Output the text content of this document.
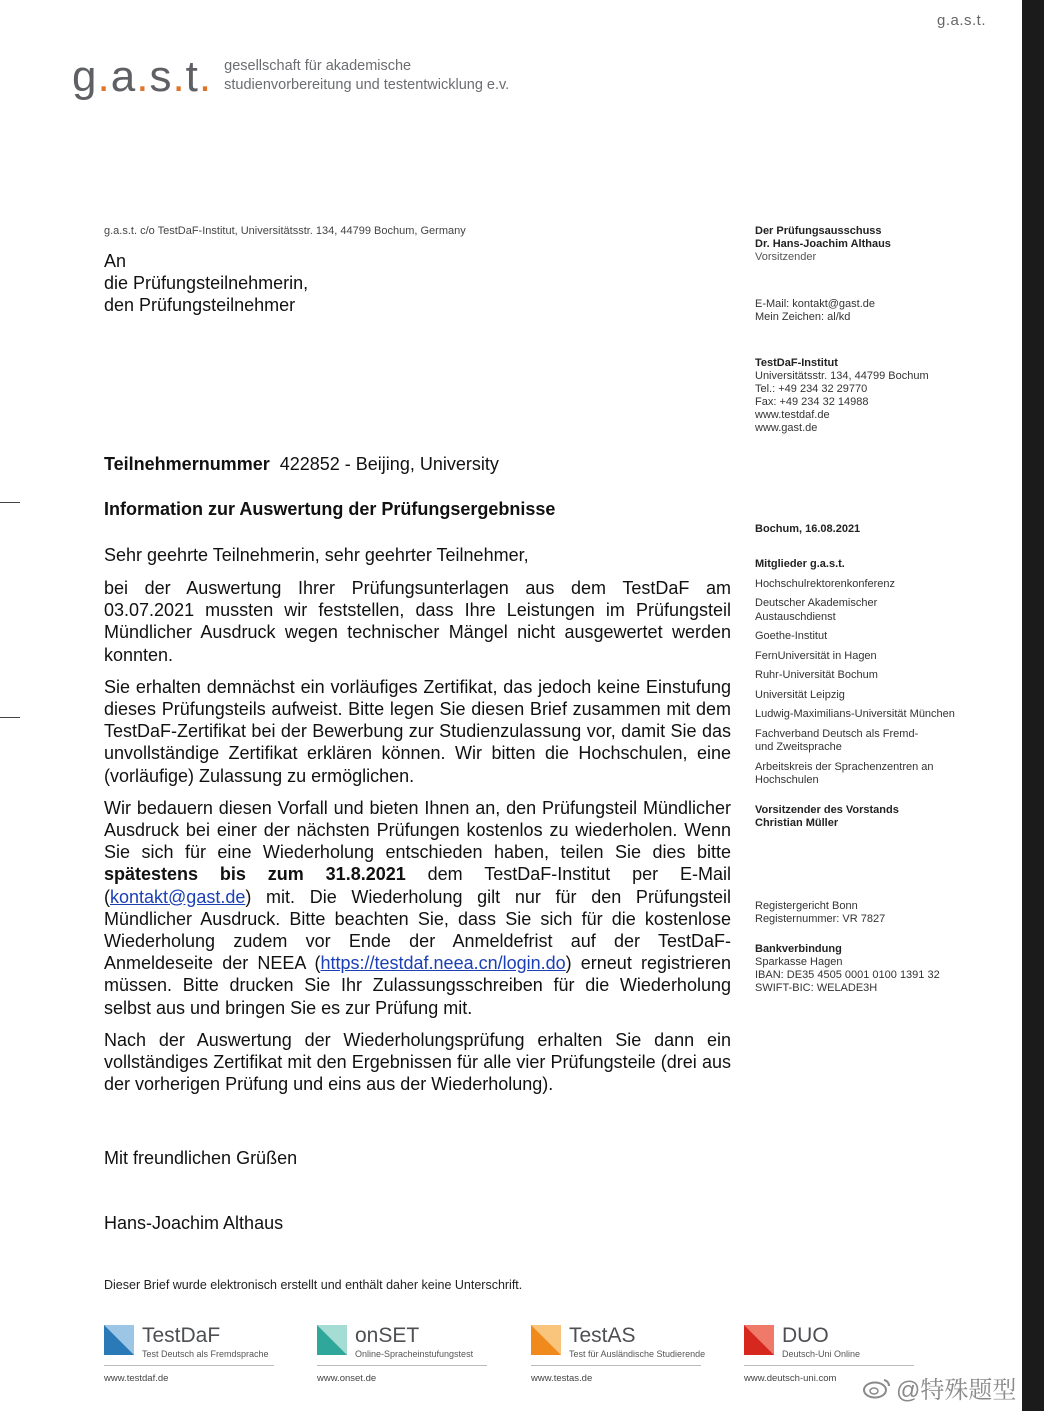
g.a.s.t.
g.a.s.t. gesellschaft für akademische
studienvorbereitung und testentwicklung e.v.
g.a.s.t. c/o TestDaF-Institut, Universitätsstr. 134, 44799 Bochum, Germany
An
die Prüfungsteilnehmerin,
den Prüfungsteilnehmer
Der Prüfungsausschuss
Dr. Hans-Joachim Althaus
Vorsitzender
E-Mail: kontakt@gast.de
Mein Zeichen: al/kd
TestDaF-Institut
Universitätsstr. 134, 44799 Bochum
Tel.: +49 234 32 29770
Fax: +49 234 32 14988
www.testdaf.de
www.gast.de
Bochum, 16.08.2021
Mitglieder g.a.s.t.
Hochschulrektorenkonferenz
Deutscher Akademischer Austauschdienst
Goethe-Institut
FernUniversität in Hagen
Ruhr-Universität Bochum
Universität Leipzig
Ludwig-Maximilians-Universität München
Fachverband Deutsch als Fremd- und Zweitsprache
Arbeitskreis der Sprachenzentren an Hochschulen
Vorsitzender des Vorstands
Christian Müller
Registergericht Bonn
Registernummer: VR 7827
Bankverbindung
Sparkasse Hagen
IBAN: DE35 4505 0001 0100 1391 32
SWIFT-BIC: WELADE3H
Teilnehmernummer 422852 - Beijing, University
Information zur Auswertung der Prüfungsergebnisse
Sehr geehrte Teilnehmerin, sehr geehrter Teilnehmer,

bei der Auswertung Ihrer Prüfungsunterlagen aus dem TestDaF am 03.07.2021 mussten wir feststellen, dass Ihre Leistungen im Prüfungsteil Mündlicher Ausdruck wegen technischer Mängel nicht ausgewertet werden konnten.

Sie erhalten demnächst ein vorläufiges Zertifikat, das jedoch keine Einstufung dieses Prüfungsteils aufweist. Bitte legen Sie diesen Brief zusammen mit dem TestDaF-Zertifikat bei der Bewerbung zur Studienzulassung vor, damit Sie das unvollständige Zertifikat erklären können. Wir bitten die Hochschulen, eine (vorläufige) Zulassung zu ermöglichen.

Wir bedauern diesen Vorfall und bieten Ihnen an, den Prüfungsteil Mündlicher Ausdruck bei einer der nächsten Prüfungen kostenlos zu wiederholen. Wenn Sie sich für eine Wiederholung entschieden haben, teilen Sie dies bitte spätestens bis zum 31.8.2021 dem TestDaF-Institut per E-Mail (kontakt@gast.de) mit. Die Wiederholung gilt nur für den Prüfungsteil Mündlicher Ausdruck. Bitte beachten Sie, dass Sie sich für die kostenlose Wiederholung zudem vor Ende der Anmeldefrist auf der TestDaF-Anmeldeseite der NEEA (https://testdaf.neea.cn/login.do) erneut registrieren müssen. Bitte drucken Sie Ihr Zulassungsschreiben für die Wiederholung selbst aus und bringen Sie es zur Prüfung mit.

Nach der Auswertung der Wiederholungsprüfung erhalten Sie dann ein vollständiges Zertifikat mit den Ergebnissen für alle vier Prüfungsteile (drei aus der vorherigen Prüfung und eins aus der Wiederholung).

Mit freundlichen Grüßen
Hans-Joachim Althaus
Dieser Brief wurde elektronisch erstellt und enthält daher keine Unterschrift.
TestDaF
Test Deutsch als Fremdsprache
www.testdaf.de
onSET
Online-Spracheinstufungstest
www.onset.de
TestAS
Test für Ausländische Studierende
www.testas.de
DUO
Deutsch-Uni Online
www.deutsch-uni.com	@特殊题型
